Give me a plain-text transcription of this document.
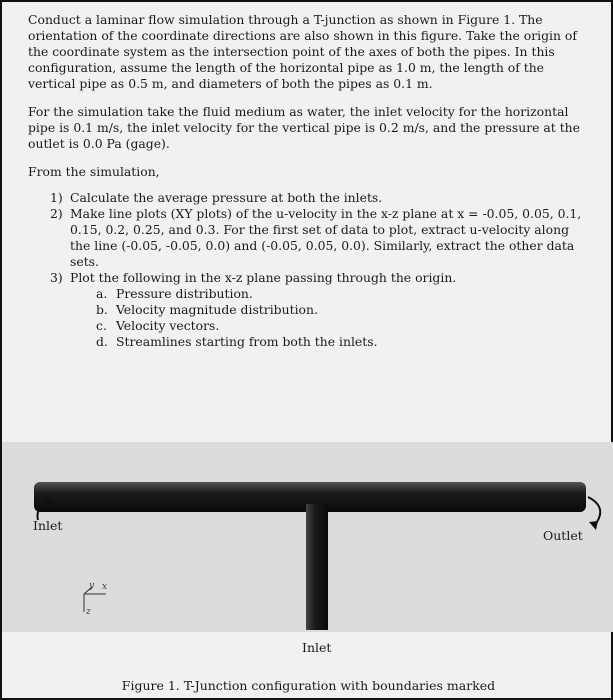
Conduct a laminar flow simulation through a T-junction as shown in Figure 1. The orientation of the coordinate directions are also shown in this figure. Take the origin of the coordinate system as the intersection point of the axes of both the pipes. In this configuration, assume the length of the horizontal pipe as 1.0 m, the length of the vertical pipe as 0.5 m, and diameters of both the pipes as 0.1 m.

For the simulation take the fluid medium as water, the inlet velocity for the horizontal pipe is 0.1 m/s, the inlet velocity for the vertical pipe is 0.2 m/s, and the pressure at the outlet is 0.0 Pa (gage).

From the simulation,

1) Calculate the average pressure at both the inlets.
2) Make line plots (XY plots) of the u-velocity in the x-z plane at x = -0.05, 0.05, 0.1, 0.15, 0.2, 0.25, and 0.3. For the first set of data to plot, extract u-velocity along the line (-0.05, -0.05, 0.0) and (-0.05, 0.05, 0.0). Similarly, extract the other data sets.
3) Plot the following in the x-z plane passing through the origin.
a. Pressure distribution.
b. Velocity magnitude distribution.
c. Velocity vectors.
d. Streamlines starting from both the inlets.
y x
z
Inlet
Outlet
Inlet
Figure 1. T-Junction configuration with boundaries marked
